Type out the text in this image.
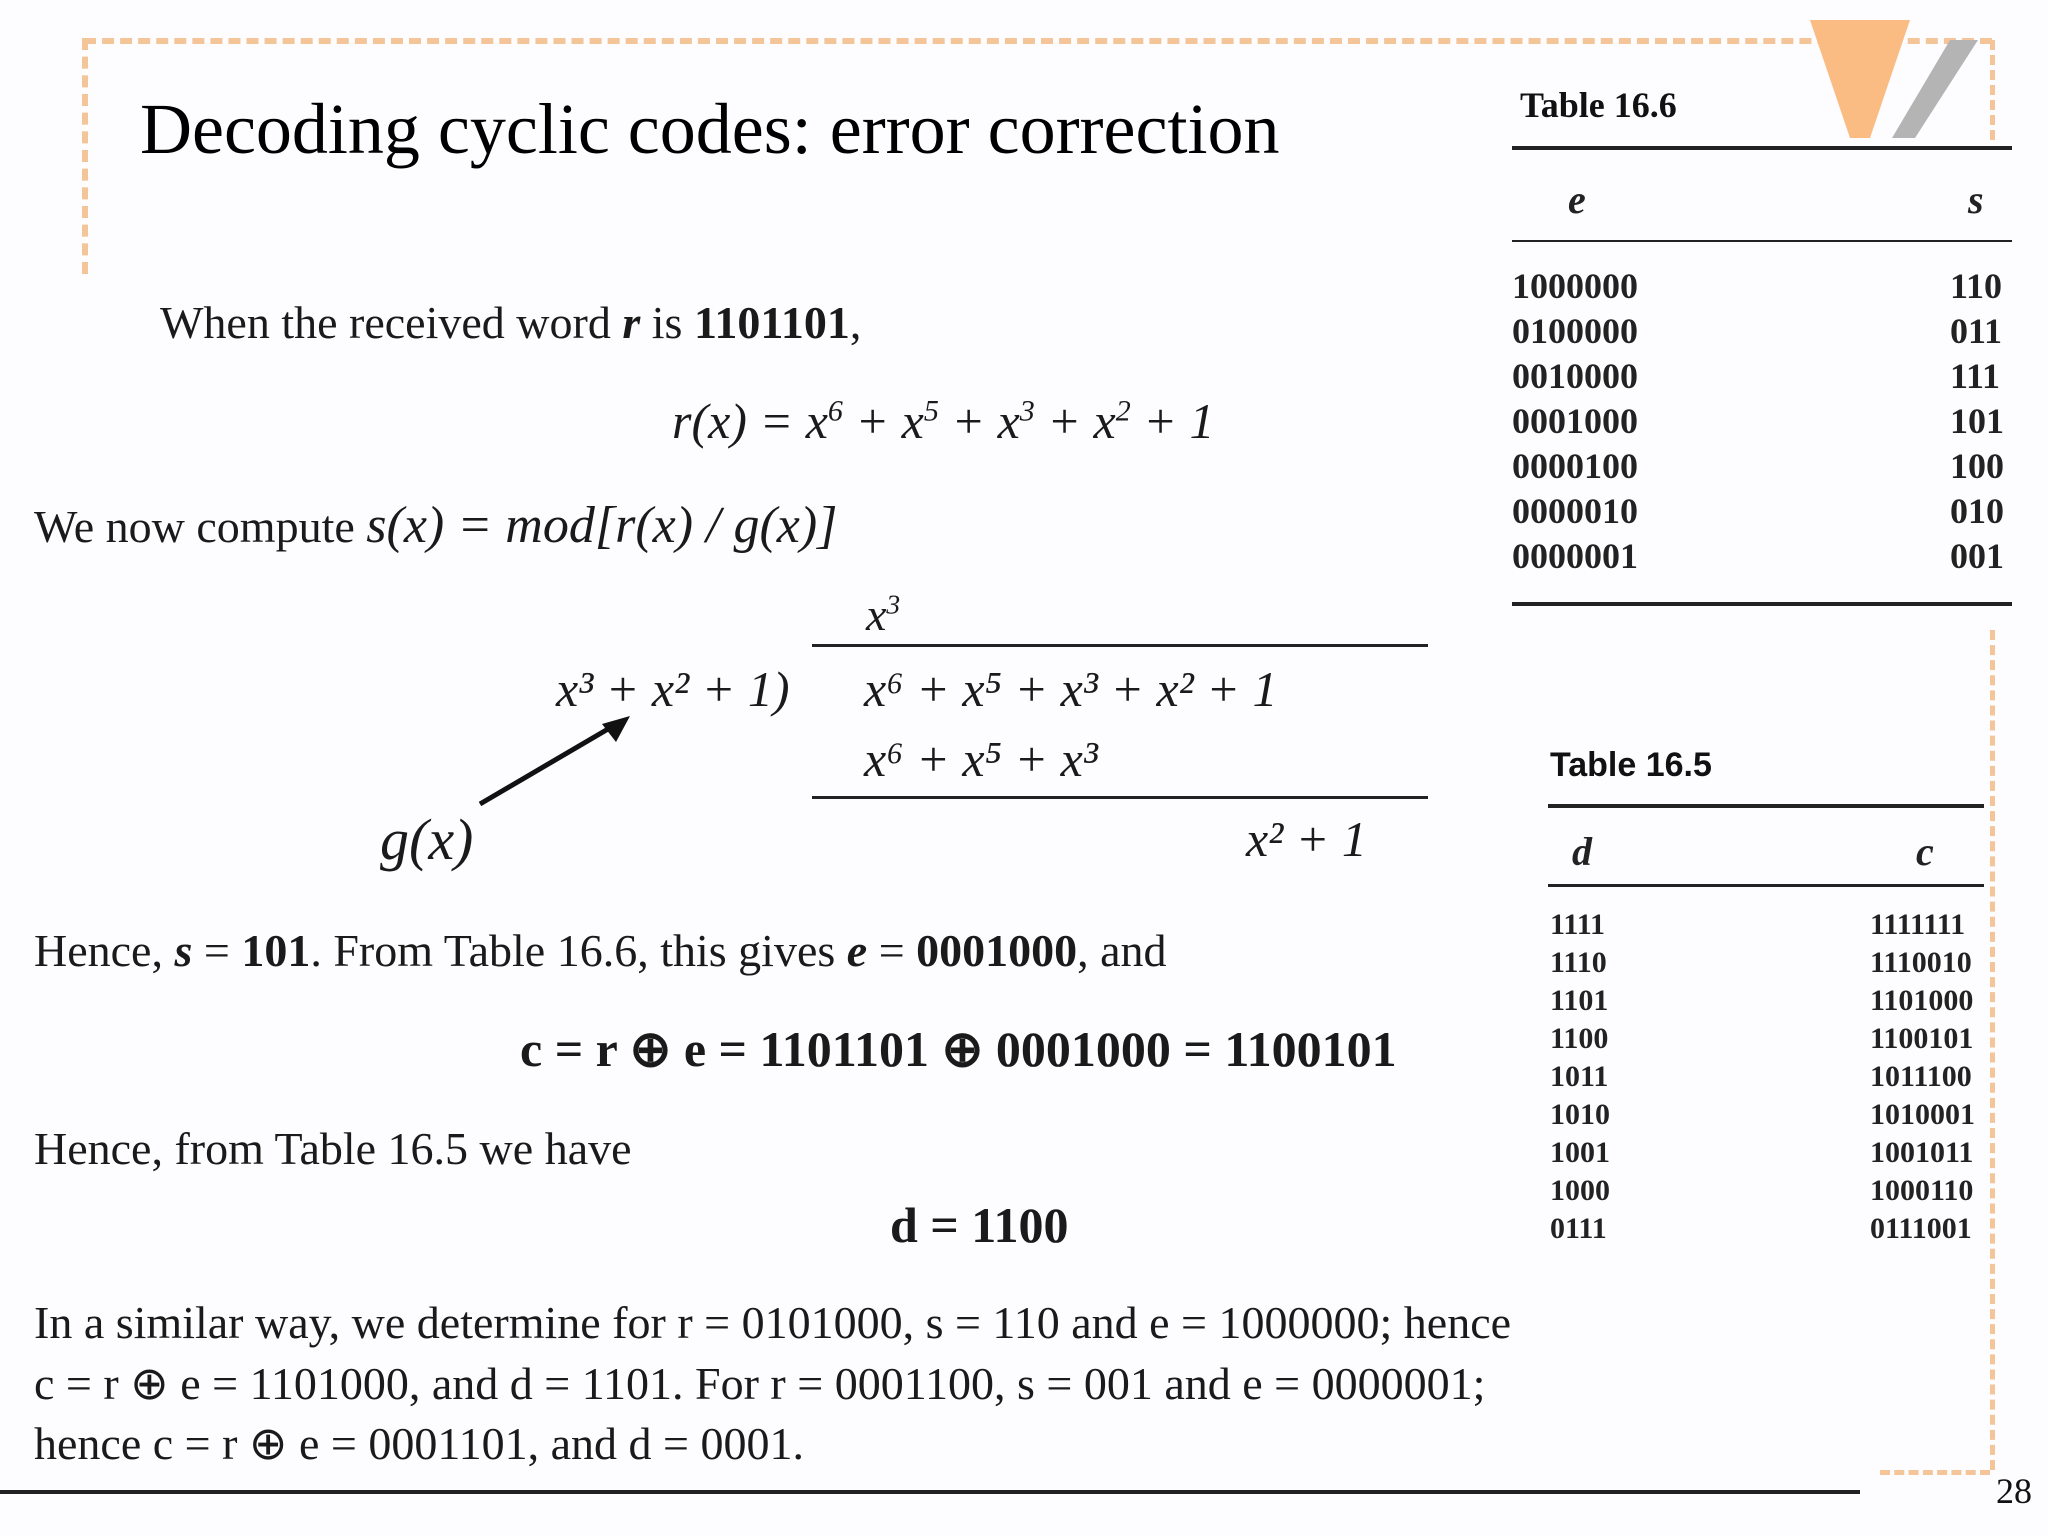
Decoding cyclic codes: error correction
When the received word r is 1101101,
$r(x) = x^6 + x^5 + x^3 + x^2 + 1$
We now compute s(x) = mod[r(x) / g(x)]
$x^3$
x³ + x² + 1) x⁶ + x⁵ + x³ + x² + 1
x⁶ + x⁵ + x³
x² + 1
g(x)
Hence, s = 101. From Table 16.6, this gives e = 0001000, and
c = r ⊕ e = 1101101 ⊕ 0001000 = 1100101
Hence, from Table 16.5 we have
d = 1100
In a similar way, we determine for r = 0101000, s = 110 and e = 1000000; hence
c = r ⊕ e = 1101000, and d = 1101. For r = 0001100, s = 001 and e = 0000001;
hence c = r ⊕ e = 0001101, and d = 0001.
Table 16.6
e	s
1000000
0100000
0010000
0001000
0000100
0000010
0000001
110
011
111
101
100
010
001
Table 16.5
d	c
1111
1110
1101
1100
1011
1010
1001
1000
0111
1111111
1110010
1101000
1100101
1011100
1010001
1001011
1000110
0111001
28
